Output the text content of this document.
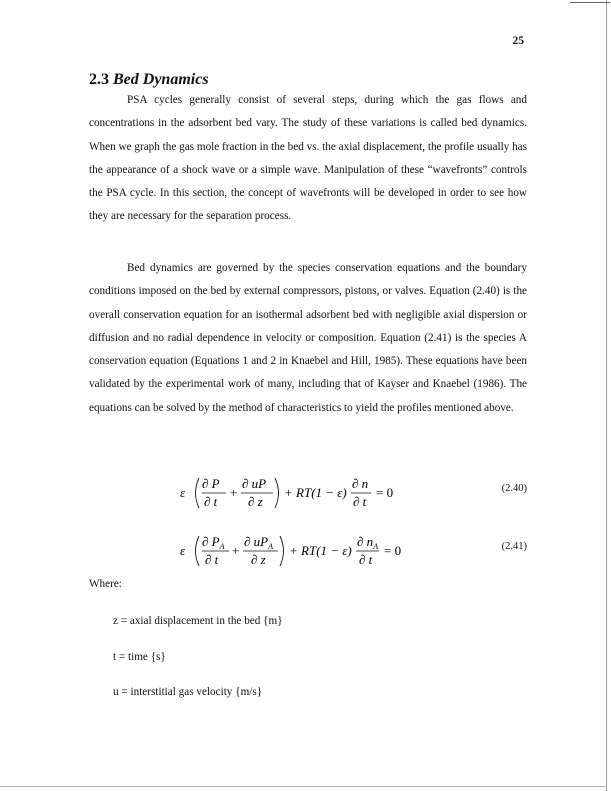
25
2.3 Bed Dynamics

PSA cycles generally consist of several steps, during which the gas flows and concentrations in the adsorbent bed vary. The study of these variations is called bed dynamics. When we graph the gas mole fraction in the bed vs. the axial displacement, the profile usually has the appearance of a shock wave or a simple wave. Manipulation of these “wavefronts” controls the PSA cycle. In this section, the concept of wavefronts will be developed in order to see how they are necessary for the separation process.

Bed dynamics are governed by the species conservation equations and the boundary conditions imposed on the bed by external compressors, pistons, or valves. Equation (2.40) is the overall conservation equation for an isothermal adsorbent bed with negligible axial dispersion or diffusion and no radial dependence in velocity or composition. Equation (2.41) is the species A conservation equation (Equations 1 and 2 in Knaebel and Hill, 1985). These equations have been validated by the experimental work of many, including that of Kayser and Knaebel (1986). The equations can be solved by the method of characteristics to yield the profiles mentioned above.

ε
∂ P
∂ t
+
∂ uP
∂ z
+ RT(1 − ε)
∂ n
∂ t
= 0	(2.40)
ε
∂ $P_A$
∂ t
+
∂ $uP_A$
∂ z
+ RT(1 − ε)
∂ $n_A$
∂ t
= 0	(2.41)
Where:
z = axial displacement in the bed {m}
t = time {s}
u = interstitial gas velocity {m/s}
